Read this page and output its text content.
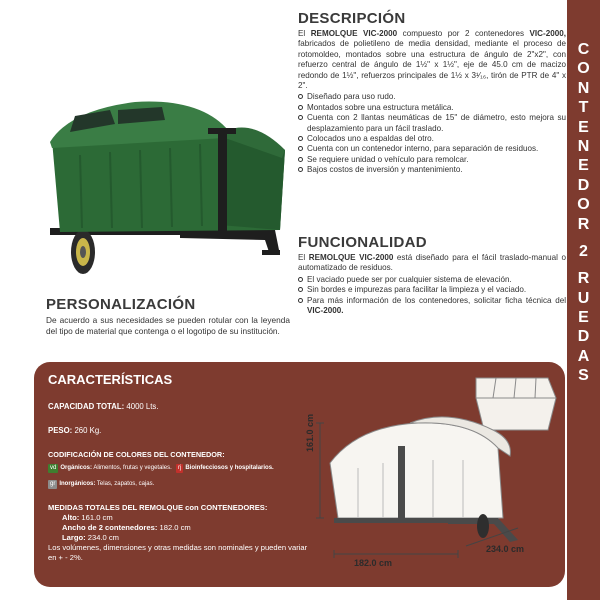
C
O
N
T
E
N
E
D
O
R
2
R
U
E
D
A
S
DESCRIPCIÓN

El REMOLQUE VIC-2000 compuesto por 2 contenedores VIC-2000, fabricados de polietileno de media densidad, mediante el proceso de rotomoldeo, montados sobre una estructura de ángulo de 2"x2", con refuerzo central de ángulo de 1½" x 1½", eje de 45.0 cm de macizo redondo de 1½", refuerzos principales de 1½ x 3¹⁄₁₆, tirón de PTR de 4" x 2".

Diseñado para uso rudo.
Montados sobre una estructura metálica.
Cuenta con 2 llantas neumáticas de 15" de diámetro, esto mejora su desplazamiento para un fácil traslado.
Colocados uno a espaldas del otro.
Cuenta con un contenedor interno, para separación de residuos.
Se requiere unidad o vehículo para remolcar.
Bajos costos de inversión y mantenimiento.
FUNCIONALIDAD

El REMOLQUE VIC-2000 está diseñado para el fácil traslado-manual o automatizado de residuos.

El vaciado puede ser por cualquier sistema de elevación.
Sin bordes e impurezas para facilitar la limpieza y el vaciado.
Para más información de los contenedores, solicitar ficha técnica del VIC-2000.
PERSONALIZACIÓN

De acuerdo a sus necesidades se pueden rotular con la leyenda del tipo de material que contenga o el logotipo de su institución.

CARACTERÍSTICAS
CAPACIDAD TOTAL: 4000 Lts.
PESO: 260 Kg.
CODIFICACIÓN DE COLORES DEL CONTENEDOR:
vd Orgánicos: Alimentos, frutas y vegetales.	rj Bioinfecciosos y hospitalarios.
gr Inorgánicos: Telas, zapatos, cajas.
MEDIDAS TOTALES DEL REMOLQUE con CONTENEDORES:
Alto: 161.0 cm
Ancho de 2 contenedores: 182.0 cm
Largo: 234.0 cm
Los volúmenes, dimensiones y otras medidas son nominales y pueden variar en + - 2%.
161.0 cm
182.0 cm
234.0 cm
